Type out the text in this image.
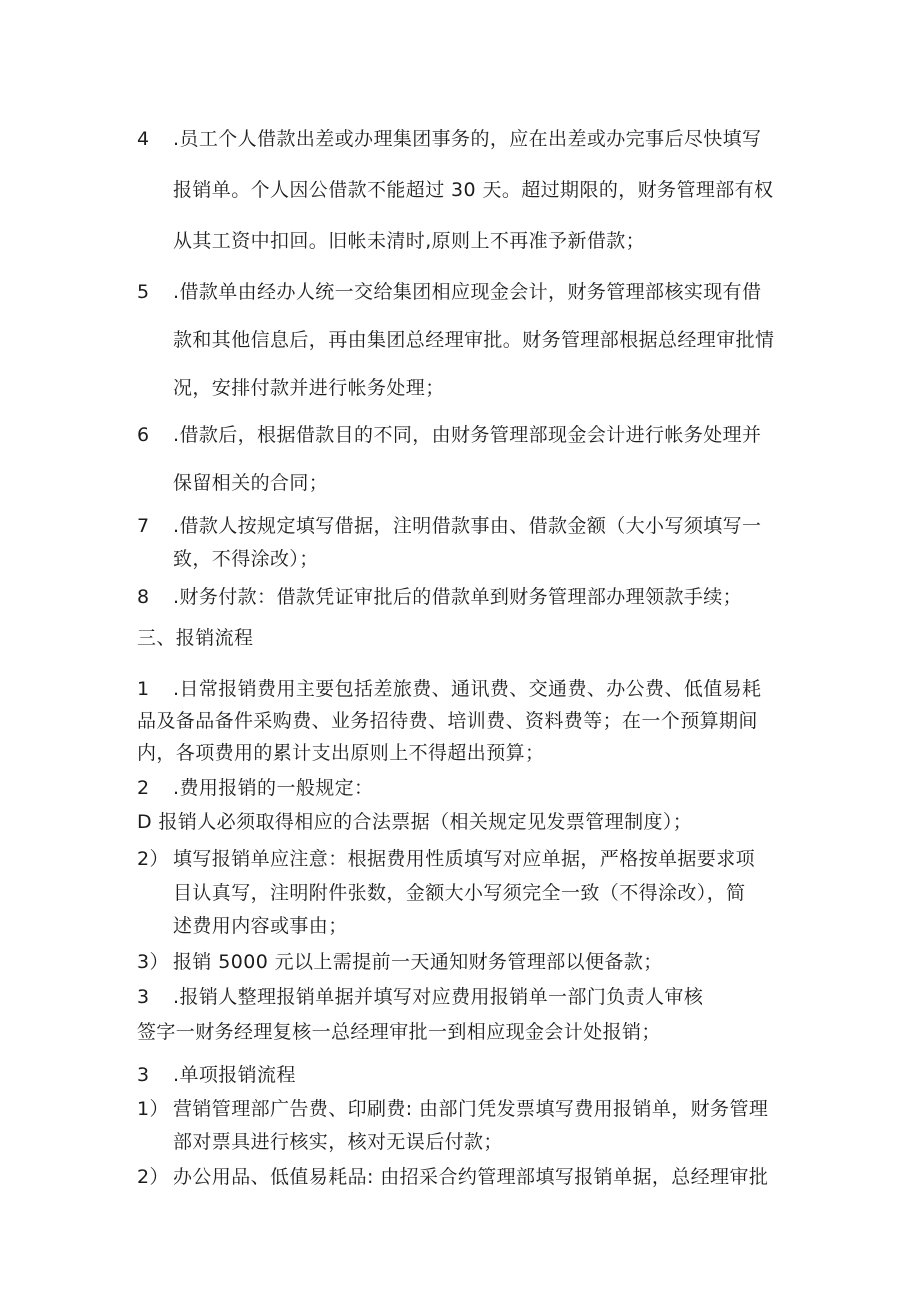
4 .员工个人借款出差或办理集团事务的，应在出差或办完事后尽快填写
报销单。个人因公借款不能超过 30 天。超过期限的，财务管理部有权
从其工资中扣回。旧帐未清时,原则上不再准予新借款；
5 .借款单由经办人统一交给集团相应现金会计，财务管理部核实现有借
款和其他信息后，再由集团总经理审批。财务管理部根据总经理审批情
况，安排付款并进行帐务处理；
6 .借款后，根据借款目的不同，由财务管理部现金会计进行帐务处理并
保留相关的合同；
7 .借款人按规定填写借据，注明借款事由、借款金额（大小写须填写一
致，不得涂改）；
8 .财务付款：借款凭证审批后的借款单到财务管理部办理领款手续；
三、报销流程
1 .日常报销费用主要包括差旅费、通讯费、交通费、办公费、低值易耗
品及备品备件采购费、业务招待费、培训费、资料费等；在一个预算期间
内，各项费用的累计支出原则上不得超出预算；
2 .费用报销的一般规定：
D 报销人必须取得相应的合法票据（相关规定见发票管理制度）；
2） 填写报销单应注意：根据费用性质填写对应单据，严格按单据要求项
目认真写，注明附件张数，金额大小写须完全一致（不得涂改），简
述费用内容或事由；
3） 报销 5000 元以上需提前一天通知财务管理部以便备款；
3 .报销人整理报销单据并填写对应费用报销单一部门负责人审核
签字一财务经理复核一总经理审批一到相应现金会计处报销；
3 .单项报销流程
1） 营销管理部广告费、印刷费: 由部门凭发票填写费用报销单，财务管理
部对票具进行核实，核对无误后付款；
2） 办公用品、低值易耗品: 由招采合约管理部填写报销单据，总经理审批
